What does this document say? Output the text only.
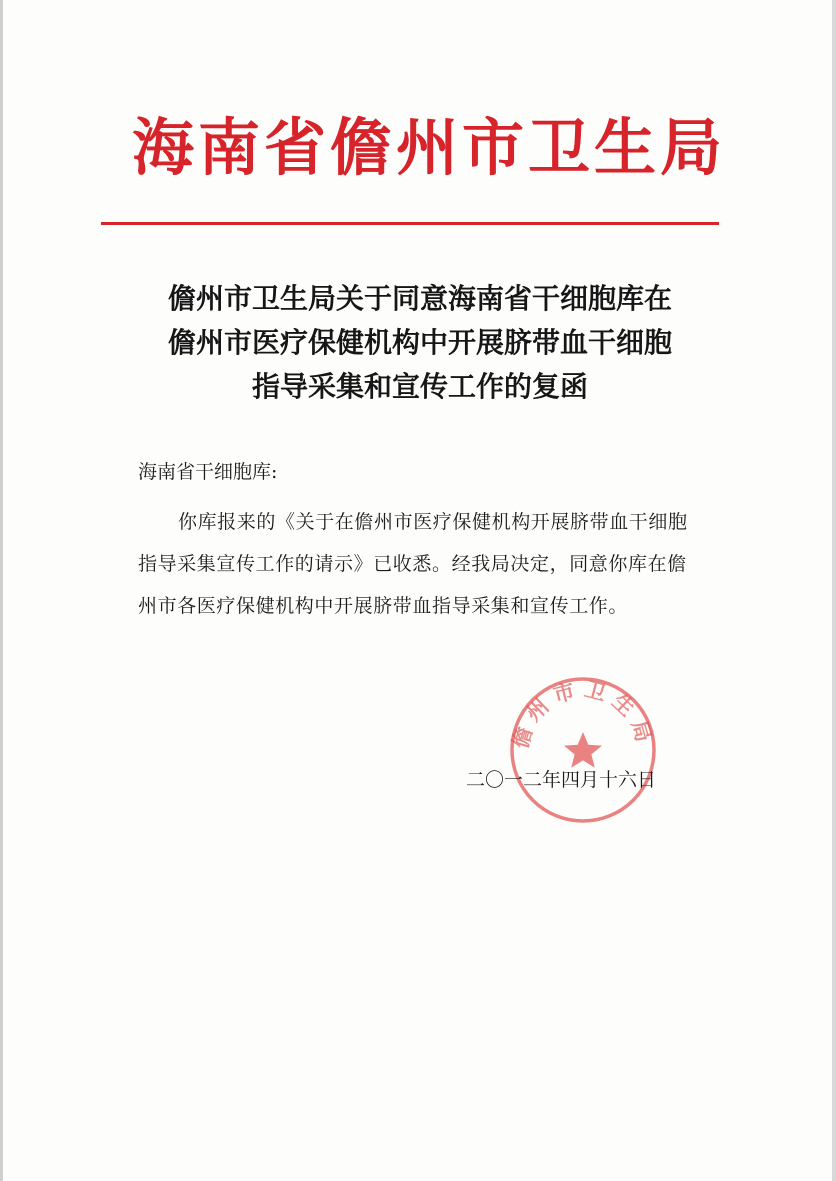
海南省儋州市卫生局
儋州市卫生局关于同意海南省干细胞库在
儋州市医疗保健机构中开展脐带血干细胞
指导采集和宣传工作的复函
海南省干细胞库:
你库报来的《关于在儋州市医疗保健机构开展脐带血干细胞
指导采集宣传工作的请示》已收悉。经我局决定，同意你库在儋
州市各医疗保健机构中开展脐带血指导采集和宣传工作。
儋州市卫生局
二〇一二年四月十六日
